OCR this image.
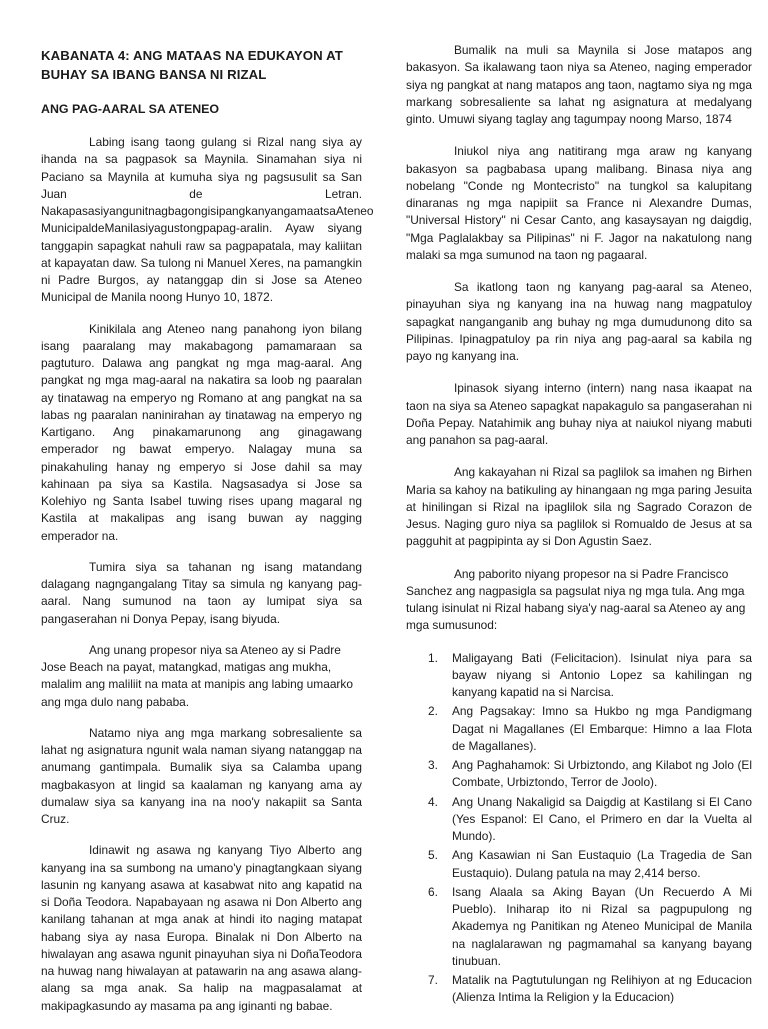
KABANATA 4: ANG MATAAS NA EDUKAYON AT BUHAY SA IBANG BANSA NI RIZAL
ANG PAG-AARAL SA ATENEO

Labing isang taong gulang si Rizal nang siya ay ihanda na sa pagpasok sa Maynila. Sinamahan siya ni Paciano sa Maynila at kumuha siya ng pagsusulit sa San Juan de Letran. NakapasasiyangunitnagbagongisipangkanyangamaatsaAteneo MunicipaldeManilasiyagustongpapag-aralin. Ayaw siyang tanggapin sapagkat nahuli raw sa pagpapatala, may kaliitan at kapayatan daw. Sa tulong ni Manuel Xeres, na pamangkin ni Padre Burgos, ay natanggap din si Jose sa Ateneo Municipal de Manila noong Hunyo 10, 1872.

Kinikilala ang Ateneo nang panahong iyon bilang isang paaralang may makabagong pamamaraan sa pagtuturo. Dalawa ang pangkat ng mga mag-aaral. Ang pangkat ng mga mag-aaral na nakatira sa loob ng paaralan ay tinatawag na emperyo ng Romano at ang pangkat na sa labas ng paaralan naninirahan ay tinatawag na emperyo ng Kartigano. Ang pinakamarunong ang ginagawang emperador ng bawat emperyo. Nalagay muna sa pinakahuling hanay ng emperyo si Jose dahil sa may kahinaan pa siya sa Kastila. Nagsasadya si Jose sa Kolehiyo ng Santa Isabel tuwing rises upang magaral ng Kastila at makalipas ang isang buwan ay nagging emperador na.

Tumira siya sa tahanan ng isang matandang dalagang nagngangalang Titay sa simula ng kanyang pag-aaral. Nang sumunod na taon ay lumipat siya sa pangaserahan ni Donya Pepay, isang biyuda.

Ang unang propesor niya sa Ateneo ay si Padre Jose Beach na payat, matangkad, matigas ang mukha, malalim ang maliliit na mata at manipis ang labing umaarko ang mga dulo nang pababa.

Natamo niya ang mga markang sobresaliente sa lahat ng asignatura ngunit wala naman siyang natanggap na anumang gantimpala. Bumalik siya sa Calamba upang magbakasyon at lingid sa kaalaman ng kanyang ama ay dumalaw siya sa kanyang ina na noo'y nakapiit sa Santa Cruz.

Idinawit ng asawa ng kanyang Tiyo Alberto ang kanyang ina sa sumbong na umano'y pinagtangkaan siyang lasunin ng kanyang asawa at kasabwat nito ang kapatid na si Doña Teodora. Napabayaan ng asawa ni Don Alberto ang kanilang tahanan at mga anak at hindi ito naging matapat habang siya ay nasa Europa. Binalak ni Don Alberto na hiwalayan ang asawa ngunit pinayuhan siya ni DoñaTeodora na huwag nang hiwalayan at patawarin na ang asawa alang-alang sa mga anak. Sa halip na magpasalamat at makipagkasundo ay masama pa ang iginanti ng babae.

Bumalik na muli sa Maynila si Jose matapos ang bakasyon. Sa ikalawang taon niya sa Ateneo, naging emperador siya ng pangkat at nang matapos ang taon, nagtamo siya ng mga markang sobresaliente sa lahat ng asignatura at medalyang ginto. Umuwi siyang taglay ang tagumpay noong Marso, 1874

Iniukol niya ang natitirang mga araw ng kanyang bakasyon sa pagbabasa upang malibang. Binasa niya ang nobelang "Conde ng Montecristo" na tungkol sa kalupitang dinaranas ng mga napipiit sa France ni Alexandre Dumas, "Universal History" ni Cesar Canto, ang kasaysayan ng daigdig, "Mga Paglalakbay sa Pilipinas" ni F. Jagor na nakatulong nang malaki sa mga sumunod na taon ng pagaaral.

Sa ikatlong taon ng kanyang pag-aaral sa Ateneo, pinayuhan siya ng kanyang ina na huwag nang magpatuloy sapagkat nanganganib ang buhay ng mga dumudunong dito sa Pilipinas. Ipinagpatuloy pa rin niya ang pag-aaral sa kabila ng payo ng kanyang ina.

Ipinasok siyang interno (intern) nang nasa ikaapat na taon na siya sa Ateneo sapagkat napakagulo sa pangaserahan ni Doña Pepay. Natahimik ang buhay niya at naiukol niyang mabuti ang panahon sa pag-aaral.

Ang kakayahan ni Rizal sa paglilok sa imahen ng Birhen Maria sa kahoy na batikuling ay hinangaan ng mga paring Jesuita at hinilingan si Rizal na ipaglilok sila ng Sagrado Corazon de Jesus. Naging guro niya sa paglilok si Romualdo de Jesus at sa pagguhit at pagpipinta ay si Don Agustin Saez.

Ang paborito niyang propesor na si Padre Francisco Sanchez ang nagpasigla sa pagsulat niya ng mga tula. Ang mga tulang isinulat ni Rizal habang siya'y nag-aaral sa Ateneo ay ang mga sumusunod:

1.	Maligayang Bati (Felicitacion). Isinulat niya para sa bayaw niyang si Antonio Lopez sa kahilingan ng kanyang kapatid na si Narcisa.
2.	Ang Pagsakay: Imno sa Hukbo ng mga Pandigmang Dagat ni Magallanes (El Embarque: Himno a laa Flota de Magallanes).
3.	Ang Paghahamok: Si Urbiztondo, ang Kilabot ng Jolo (El Combate, Urbiztondo, Terror de Joolo).
4.	Ang Unang Nakaligid sa Daigdig at Kastilang si El Cano (Yes Espanol: El Cano, el Primero en dar la Vuelta al Mundo).
5.	Ang Kasawian ni San Eustaquio (La Tragedia de San Eustaquio). Dulang patula na may 2,414 berso.
6.	Isang Alaala sa Aking Bayan (Un Recuerdo A Mi Pueblo). Iniharap ito ni Rizal sa pagpupulong ng Akademya ng Panitikan ng Ateneo Municipal de Manila na naglalarawan ng pagmamahal sa kanyang bayang tinubuan.
7.	Matalik na Pagtutulungan ng Relihiyon at ng Educacion (Alienza Intima la Religion y la Educacion)
